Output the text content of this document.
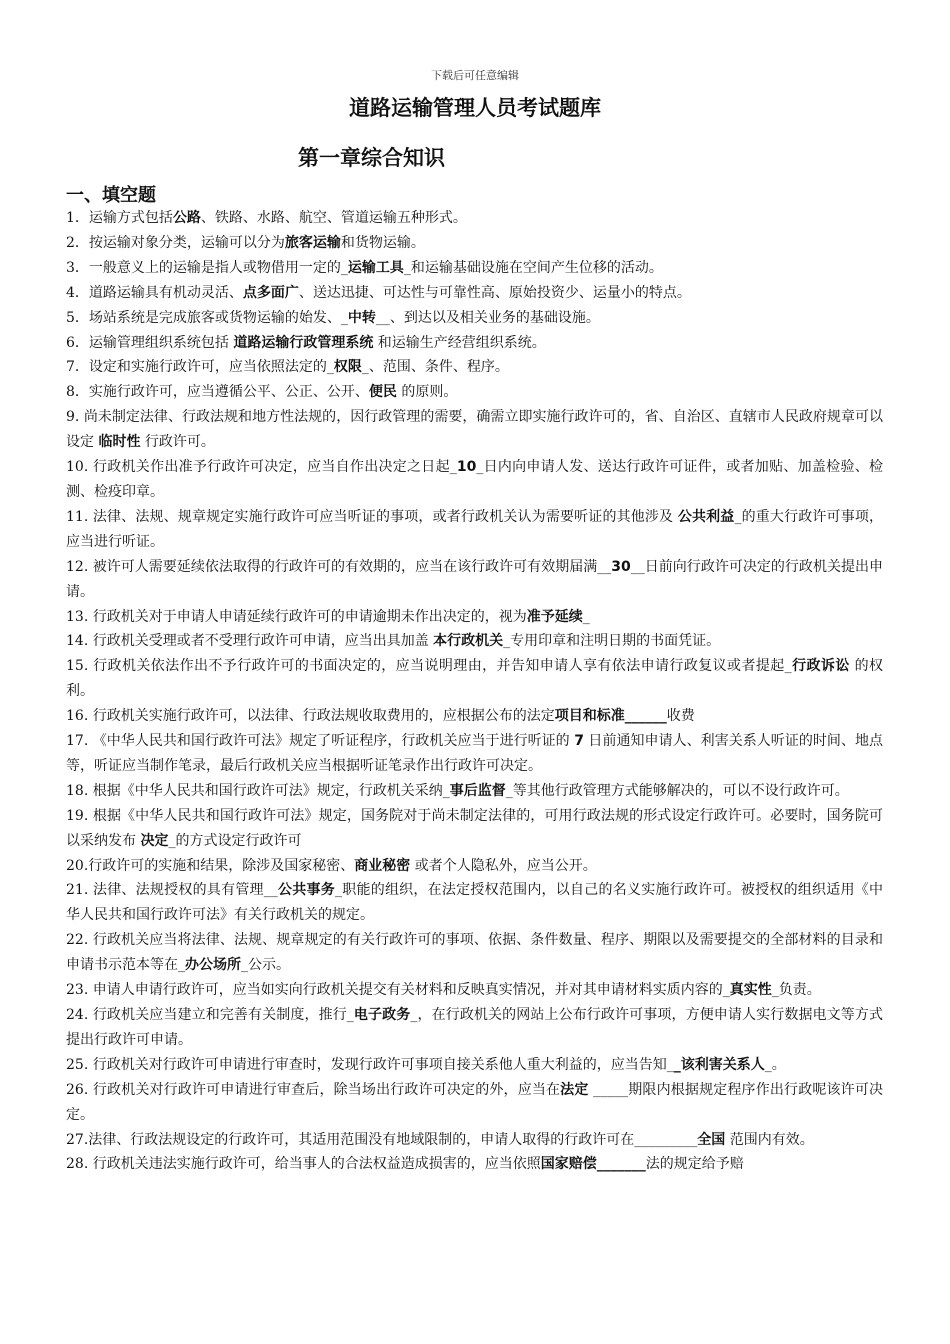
下载后可任意编辑
道路运输管理人员考试题库
第一章综合知识
一、填空题

1．运输方式包括公路、铁路、水路、航空、管道运输五种形式。

2．按运输对象分类，运输可以分为旅客运输和货物运输。

3．一般意义上的运输是指人或物借用一定的_运输工具_和运输基础设施在空间产生位移的活动。

4．道路运输具有机动灵活、点多面广、送达迅捷、可达性与可靠性高、原始投资少、运量小的特点。

5．场站系统是完成旅客或货物运输的始发、_中转__、到达以及相关业务的基础设施。

6．运输管理组织系统包括 道路运输行政管理系统 和运输生产经营组织系统。

7．设定和实施行政许可，应当依照法定的_权限_、范围、条件、程序。

8．实施行政许可，应当遵循公平、公正、公开、便民 的原则。

9. 尚未制定法律、行政法规和地方性法规的，因行政管理的需要，确需立即实施行政许可的，省、自治区、直辖市人民政府规章可以设定 临时性 行政许可。

10. 行政机关作出准予行政许可决定，应当自作出决定之日起_10_日内向申请人发、送达行政许可证件，或者加贴、加盖检验、检测、检疫印章。

11. 法律、法规、规章规定实施行政许可应当听证的事项，或者行政机关认为需要听证的其他涉及 公共利益_的重大行政许可事项，应当进行听证。

12. 被许可人需要延续依法取得的行政许可的有效期的，应当在该行政许可有效期届满__30__日前向行政许可决定的行政机关提出申请。

13. 行政机关对于申请人申请延续行政许可的申请逾期未作出决定的，视为准予延续_

14. 行政机关受理或者不受理行政许可申请，应当出具加盖 本行政机关_专用印章和注明日期的书面凭证。

15. 行政机关依法作出不予行政许可的书面决定的，应当说明理由，并告知申请人享有依法申请行政复议或者提起_行政诉讼 的权利。

16. 行政机关实施行政许可，以法律、行政法规收取费用的，应根据公布的法定项目和标准______收费

17. 《中华人民共和国行政许可法》规定了听证程序，行政机关应当于进行听证的 7 日前通知申请人、利害关系人听证的时间、地点等，听证应当制作笔录，最后行政机关应当根据听证笔录作出行政许可决定。

18. 根据《中华人民共和国行政许可法》规定，行政机关采纳_事后监督_等其他行政管理方式能够解决的，可以不设行政许可。

19. 根据《中华人民共和国行政许可法》规定，国务院对于尚未制定法律的，可用行政法规的形式设定行政许可。必要时，国务院可以采纳发布 决定_的方式设定行政许可

20.行政许可的实施和结果，除涉及国家秘密、商业秘密 或者个人隐私外，应当公开。

21. 法律、法规授权的具有管理__公共事务_职能的组织，在法定授权范围内，以自己的名义实施行政许可。被授权的组织适用《中华人民共和国行政许可法》有关行政机关的规定。

22. 行政机关应当将法律、法规、规章规定的有关行政许可的事项、依据、条件数量、程序、期限以及需要提交的全部材料的目录和申请书示范本等在_办公场所_公示。

23. 申请人申请行政许可，应当如实向行政机关提交有关材料和反映真实情况，并对其申请材料实质内容的_真实性_负责。

24. 行政机关应当建立和完善有关制度，推行_电子政务_，在行政机关的网站上公布行政许可事项，方便申请人实行数据电文等方式提出行政许可申请。

25. 行政机关对行政许可申请进行审查时，发现行政许可事项自接关系他人重大利益的，应当告知__该利害关系人_。

26. 行政机关对行政许可申请进行审查后，除当场出行政许可决定的外，应当在法定 _____期限内根据规定程序作出行政呢该许可决定。

27.法律、行政法规设定的行政许可，其适用范围没有地域限制的，申请人取得的行政许可在_________全国 范围内有效。

28. 行政机关违法实施行政许可，给当事人的合法权益造成损害的，应当依照国家赔偿_______法的规定给予赔
